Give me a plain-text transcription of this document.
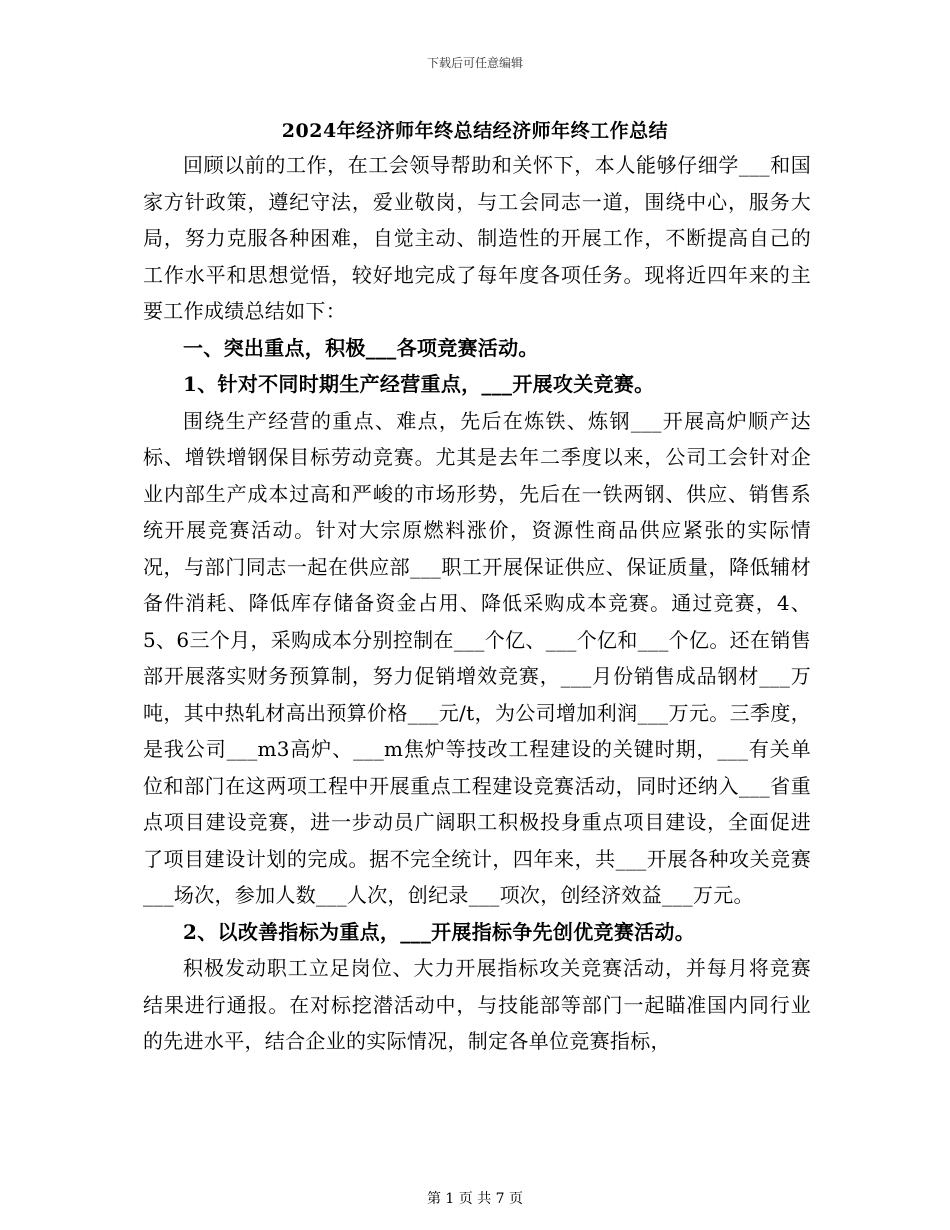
下载后可任意编辑
2024年经济师年终总结经济师年终工作总结

回顾以前的工作，在工会领导帮助和关怀下，本人能够仔细学___和国家方针政策，遵纪守法，爱业敬岗，与工会同志一道，围绕中心，服务大局，努力克服各种困难，自觉主动、制造性的开展工作，不断提高自己的工作水平和思想觉悟，较好地完成了每年度各项任务。现将近四年来的主要工作成绩总结如下：

一、突出重点，积极___各项竞赛活动。

1、针对不同时期生产经营重点，___开展攻关竞赛。

围绕生产经营的重点、难点，先后在炼铁、炼钢___开展高炉顺产达标、增铁增钢保目标劳动竞赛。尤其是去年二季度以来，公司工会针对企业内部生产成本过高和严峻的市场形势，先后在一铁两钢、供应、销售系统开展竞赛活动。针对大宗原燃料涨价，资源性商品供应紧张的实际情况，与部门同志一起在供应部___职工开展保证供应、保证质量，降低辅材备件消耗、降低库存储备资金占用、降低采购成本竞赛。通过竞赛，4、5、6三个月，采购成本分别控制在___个亿、___个亿和___个亿。还在销售部开展落实财务预算制，努力促销增效竞赛，___月份销售成品钢材___万吨，其中热轧材高出预算价格___元/t，为公司增加利润___万元。三季度，是我公司___m3高炉、___m焦炉等技改工程建设的关键时期，___有关单位和部门在这两项工程中开展重点工程建设竞赛活动，同时还纳入___省重点项目建设竞赛，进一步动员广阔职工积极投身重点项目建设，全面促进了项目建设计划的完成。据不完全统计，四年来，共___开展各种攻关竞赛___场次，参加人数___人次，创纪录___项次，创经济效益___万元。

2、以改善指标为重点，___开展指标争先创优竞赛活动。

积极发动职工立足岗位、大力开展指标攻关竞赛活动，并每月将竞赛结果进行通报。在对标挖潜活动中，与技能部等部门一起瞄准国内同行业的先进水平，结合企业的实际情况，制定各单位竞赛指标，

第 1 页 共 7 页
